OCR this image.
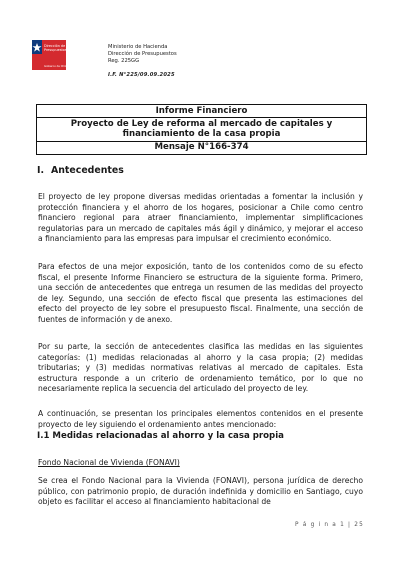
Dirección de
Presupuestos
Gobierno de Chile
Ministerio de Hacienda
Dirección de Presupuestos
Reg. 225GG
I.F. N°225/09.09.2025
Informe Financiero
Proyecto de Ley de reforma al mercado de capitales y financiamiento de la casa propia
Mensaje N°166-374
I. Antecedentes

El proyecto de ley propone diversas medidas orientadas a fomentar la inclusión y protección financiera y el ahorro de los hogares, posicionar a Chile como centro financiero regional para atraer financiamiento, implementar simplificaciones regulatorias para un mercado de capitales más ágil y dinámico, y mejorar el acceso a financiamiento para las empresas para impulsar el crecimiento económico.

Para efectos de una mejor exposición, tanto de los contenidos como de su efecto fiscal, el presente Informe Financiero se estructura de la siguiente forma. Primero, una sección de antecedentes que entrega un resumen de las medidas del proyecto de ley. Segundo, una sección de efecto fiscal que presenta las estimaciones del efecto del proyecto de ley sobre el presupuesto fiscal. Finalmente, una sección de fuentes de información y de anexo.

Por su parte, la sección de antecedentes clasifica las medidas en las siguientes categorías: (1) medidas relacionadas al ahorro y la casa propia; (2) medidas tributarias; y (3) medidas normativas relativas al mercado de capitales. Esta estructura responde a un criterio de ordenamiento temático, por lo que no necesariamente replica la secuencia del articulado del proyecto de ley.

A continuación, se presentan los principales elementos contenidos en el presente proyecto de ley siguiendo el ordenamiento antes mencionado:

I.1 Medidas relacionadas al ahorro y la casa propia
Fondo Nacional de Vivienda (FONAVI)

Se crea el Fondo Nacional para la Vivienda (FONAVI), persona jurídica de derecho público, con patrimonio propio, de duración indefinida y domicilio en Santiago, cuyo objeto es facilitar el acceso al financiamiento habitacional de

P á g i n a 1 | 25
